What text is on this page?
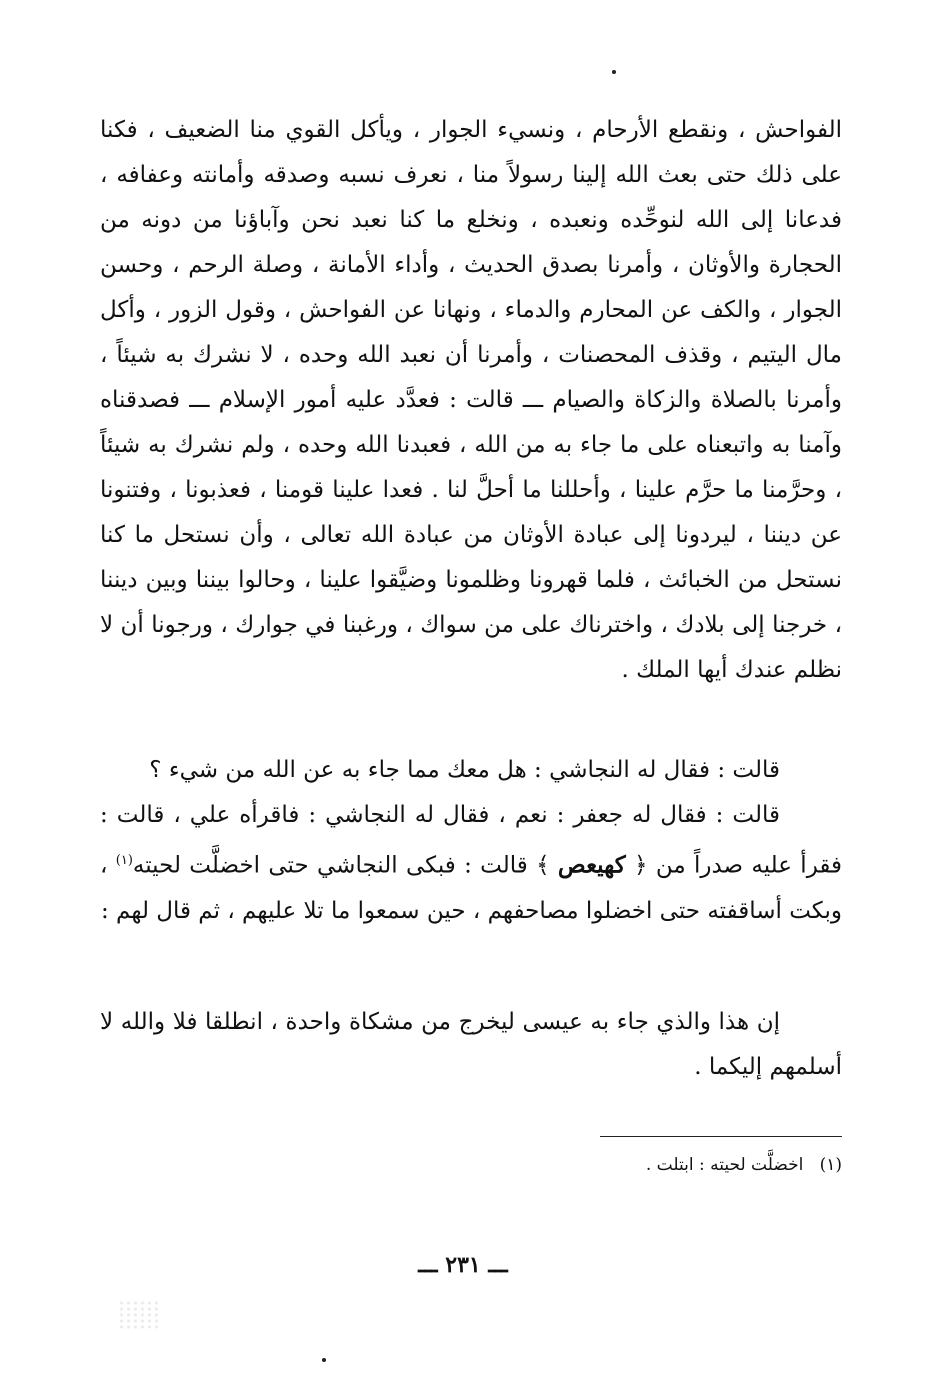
الفواحش ، ونقطع الأرحام ، ونسيء الجوار ، ويأكل القوي منا الضعيف ، فكنا على ذلك حتى بعث الله إلينا رسولاً منا ، نعرف نسبه وصدقه وأمانته وعفافه ، فدعانا إلى الله لنوحِّده ونعبده ، ونخلع ما كنا نعبد نحن وآباؤنا من دونه من الحجارة والأوثان ، وأمرنا بصدق الحديث ، وأداء الأمانة ، وصلة الرحم ، وحسن الجوار ، والكف عن المحارم والدماء ، ونهانا عن الفواحش ، وقول الزور ، وأكل مال اليتيم ، وقذف المحصنات ، وأمرنا أن نعبد الله وحده ، لا نشرك به شيئاً ، وأمرنا بالصلاة والزكاة والصيام ـــ قالت : فعدَّد عليه أمور الإسلام ـــ فصدقناه وآمنا به واتبعناه على ما جاء به من الله ، فعبدنا الله وحده ، ولم نشرك به شيئاً ، وحرَّمنا ما حرَّم علينا ، وأحللنا ما أحلَّ لنا . فعدا علينا قومنا ، فعذبونا ، وفتنونا عن ديننا ، ليردونا إلى عبادة الأوثان من عبادة الله تعالى ، وأن نستحل ما كنا نستحل من الخبائث ، فلما قهرونا وظلمونا وضيَّقوا علينا ، وحالوا بيننا وبين ديننا ، خرجنا إلى بلادك ، واخترناك على من سواك ، ورغبنا في جوارك ، ورجونا أن لا نظلم عندك أيها الملك .

قالت : فقال له النجاشي : هل معك مما جاء به عن الله من شيء ؟

قالت : فقال له جعفر : نعم ، فقال له النجاشي : فاقرأه علي ، قالت : فقرأ عليه صدراً من ﴿ كهيعص ﴾ قالت : فبكى النجاشي حتى اخضلَّت لحيته$^{(١)}$ ، وبكت أساقفته حتى اخضلوا مصاحفهم ، حين سمعوا ما تلا عليهم ، ثم قال لهم :

إن هذا والذي جاء به عيسى ليخرج من مشكاة واحدة ، انطلقا فلا والله لا أسلمهم إليكما .

(١)   اخضلَّت لحيته : ابتلت .
ـــ ٢٣١ ـــ
